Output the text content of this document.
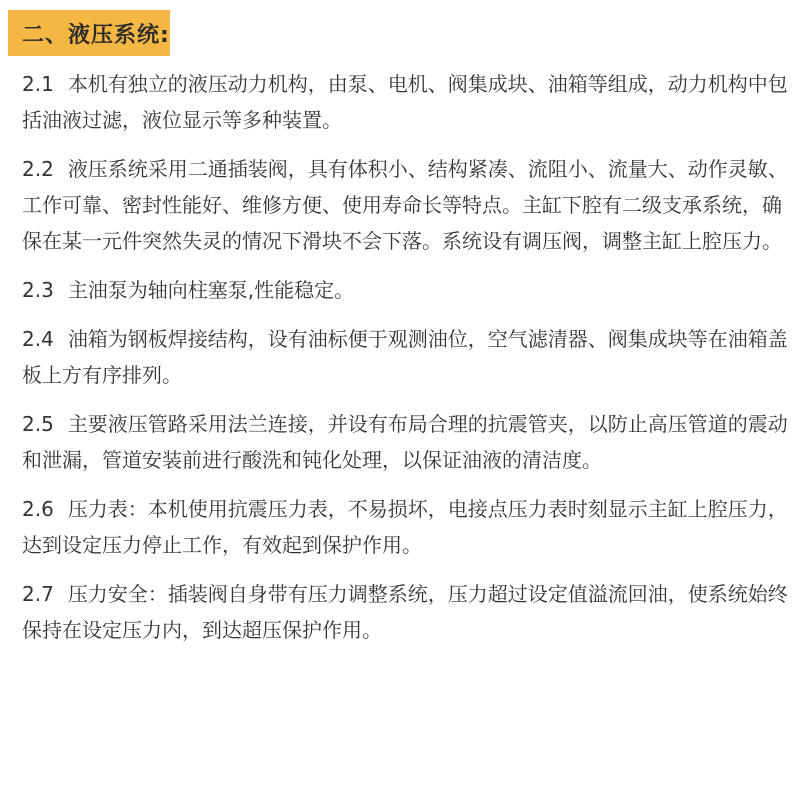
二、液压系统:

2.1 本机有独立的液压动力机构，由泵、电机、阀集成块、油箱等组成，动力机构中包括油液过滤，液位显示等多种装置。

2.2 液压系统采用二通插装阀，具有体积小、结构紧凑、流阻小、流量大、动作灵敏、工作可靠、密封性能好、维修方便、使用寿命长等特点。主缸下腔有二级支承系统，确保在某一元件突然失灵的情况下滑块不会下落。系统设有调压阀，调整主缸上腔压力。

2.3 主油泵为轴向柱塞泵,性能稳定。

2.4 油箱为钢板焊接结构，设有油标便于观测油位，空气滤清器、阀集成块等在油箱盖板上方有序排列。

2.5 主要液压管路采用法兰连接，并设有布局合理的抗震管夹，以防止高压管道的震动和泄漏，管道安装前进行酸洗和钝化处理，以保证油液的清洁度。

2.6 压力表：本机使用抗震压力表，不易损坏，电接点压力表时刻显示主缸上腔压力，达到设定压力停止工作，有效起到保护作用。

2.7 压力安全：插装阀自身带有压力调整系统，压力超过设定值溢流回油，使系统始终保持在设定压力内，到达超压保护作用。
